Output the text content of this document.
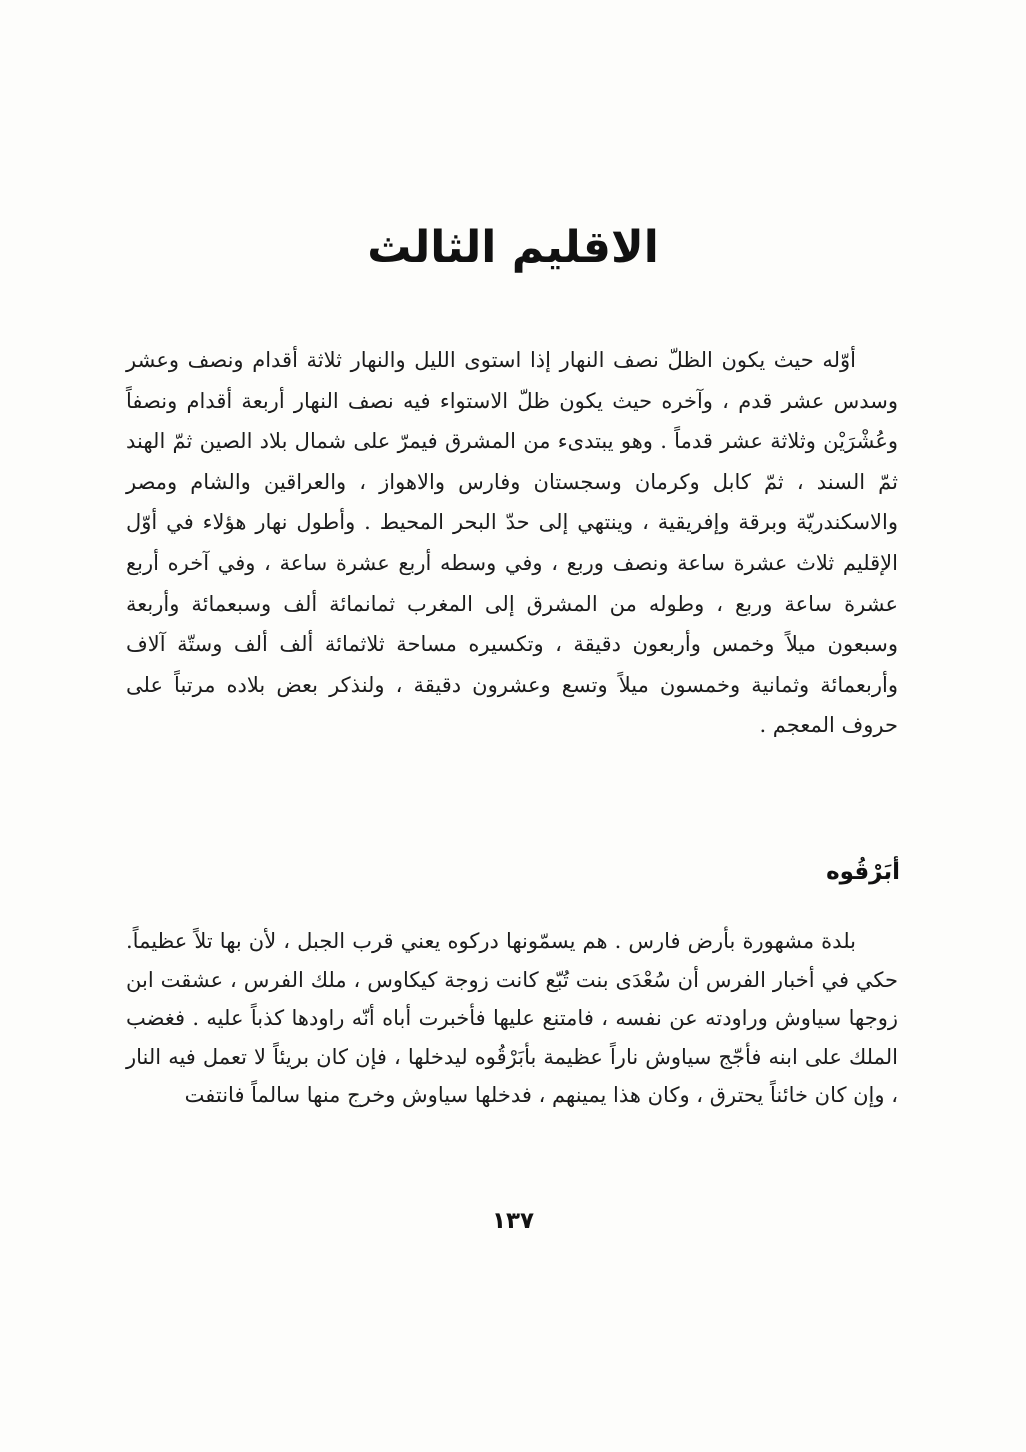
الاقليم الثالث

أوّله حيث يكون الظلّ نصف النهار إذا استوى الليل والنهار ثلاثة أقدام ونصف وعشر وسدس عشر قدم ، وآخره حيث يكون ظلّ الاستواء فيه نصف النهار أربعة أقدام ونصفاً وعُشْرَيْن وثلاثة عشر قدماً . وهو يبتدىء من المشرق فيمرّ على شمال بلاد الصين ثمّ الهند ثمّ السند ، ثمّ كابل وكرمان وسجستان وفارس والاهواز ، والعراقين والشام ومصر والاسكندريّة وبرقة وإفريقية ، وينتهي إلى حدّ البحر المحيط . وأطول نهار هؤلاء في أوّل الإقليم ثلاث عشرة ساعة ونصف وربع ، وفي وسطه أربع عشرة ساعة ، وفي آخره أربع عشرة ساعة وربع ، وطوله من المشرق إلى المغرب ثمانمائة ألف وسبعمائة وأربعة وسبعون ميلاً وخمس وأربعون دقيقة ، وتكسيره مساحة ثلاثمائة ألف ألف وستّة آلاف وأربعمائة وثمانية وخمسون ميلاً وتسع وعشرون دقيقة ، ولنذكر بعض بلاده مرتباً على حروف المعجم .

أبَرْقُوه

بلدة مشهورة بأرض فارس . هم يسمّونها دركوه يعني قرب الجبل ، لأن بها تلاً عظيماً. حكي في أخبار الفرس أن سُعْدَى بنت تُبّع كانت زوجة كيكاوس ، ملك الفرس ، عشقت ابن زوجها سياوش وراودته عن نفسه ، فامتنع عليها فأخبرت أباه أنّه راودها كذباً عليه . فغضب الملك على ابنه فأجّج سياوش ناراً عظيمة بأبَرْقُوه ليدخلها ، فإن كان بريئاً لا تعمل فيه النار ، وإن كان خائناً يحترق ، وكان هذا يمينهم ، فدخلها سياوش وخرج منها سالماً فانتفت

١٣٧
